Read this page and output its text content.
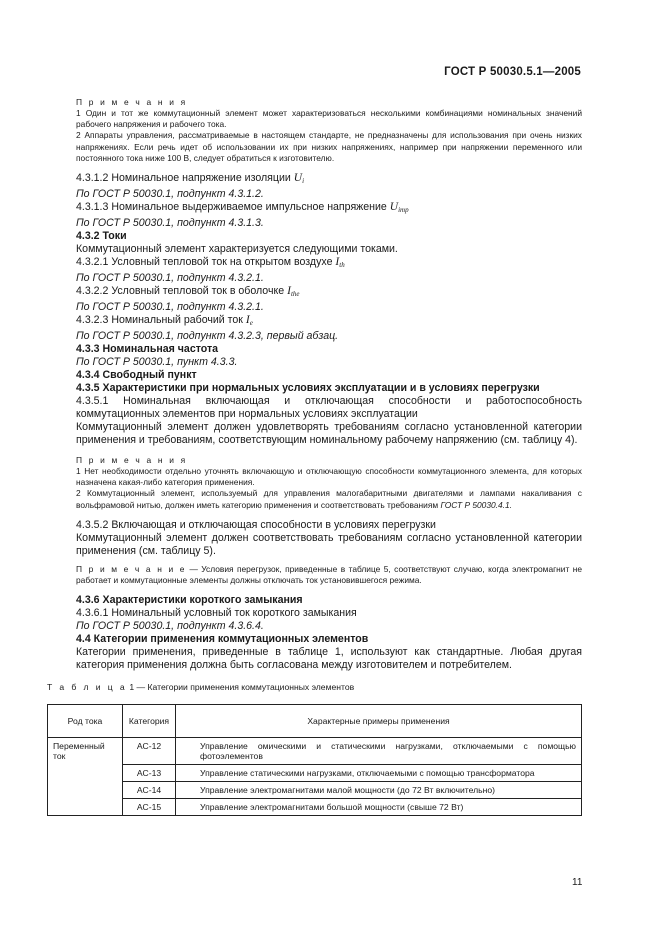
ГОСТ Р 50030.5.1—2005
П р и м е ч а н и я
1 Один и тот же коммутационный элемент может характеризоваться несколькими комбинациями номинальных значений рабочего напряжения и рабочего тока.
2 Аппараты управления, рассматриваемые в настоящем стандарте, не предназначены для использования при очень низких напряжениях. Если речь идет об использовании их при низких напряжениях, например при напряжении переменного или постоянного тока ниже 100 В, следует обратиться к изготовителю.
4.3.1.2 Номинальное напряжение изоляции $U_i$
По ГОСТ Р 50030.1, подпункт 4.3.1.2.
4.3.1.3 Номинальное выдерживаемое импульсное напряжение $U_{imp}$
По ГОСТ Р 50030.1, подпункт 4.3.1.3.
4.3.2 Токи
Коммутационный элемент характеризуется следующими токами.
4.3.2.1 Условный тепловой ток на открытом воздухе $I_{th}$
По ГОСТ Р 50030.1, подпункт 4.3.2.1.
4.3.2.2 Условный тепловой ток в оболочке $I_{the}$
По ГОСТ Р 50030.1, подпункт 4.3.2.1.
4.3.2.3 Номинальный рабочий ток $I_e$
По ГОСТ Р 50030.1, подпункт 4.3.2.3, первый абзац.
4.3.3 Номинальная частота
По ГОСТ Р 50030.1, пункт 4.3.3.
4.3.4 Свободный пункт
4.3.5 Характеристики при нормальных условиях эксплуатации и в условиях перегрузки
4.3.5.1 Номинальная включающая и отключающая способности и работоспособность коммутационных элементов при нормальных условиях эксплуатации
Коммутационный элемент должен удовлетворять требованиям согласно установленной категории применения и требованиям, соответствующим номинальному рабочему напряжению (см. таблицу 4).
П р и м е ч а н и я
1 Нет необходимости отдельно уточнять включающую и отключающую способности коммутационного элемента, для которых назначена какая-либо категория применения.
2 Коммутационный элемент, используемый для управления малогабаритными двигателями и лампами накаливания с вольфрамовой нитью, должен иметь категорию применения и соответствовать требованиям ГОСТ Р 50030.4.1.
4.3.5.2 Включающая и отключающая способности в условиях перегрузки
Коммутационный элемент должен соответствовать требованиям согласно установленной категории применения (см. таблицу 5).
П р и м е ч а н и е — Условия перегрузок, приведенные в таблице 5, соответствуют случаю, когда электромагнит не работает и коммутационные элементы должны отключать ток установившегося режима.
4.3.6 Характеристики короткого замыкания
4.3.6.1 Номинальный условный ток короткого замыкания
По ГОСТ Р 50030.1, подпункт 4.3.6.4.
4.4 Категории применения коммутационных элементов
Категории применения, приведенные в таблице 1, используют как стандартные. Любая другая категория применения должна быть согласована между изготовителем и потребителем.
Т а б л и ц а 1 — Категории применения коммутационных элементов
Род тока	Категория	Характерные примеры применения
Переменный ток	AC-12	Управление омическими и статическими нагрузками, отключаемыми с помощью фотоэлементов
	AC-13	Управление статическими нагрузками, отключаемыми с помощью трансформатора
	AC-14	Управление электромагнитами малой мощности (до 72 Вт включительно)
	AC-15	Управление электромагнитами большой мощности (свыше 72 Вт)
11
